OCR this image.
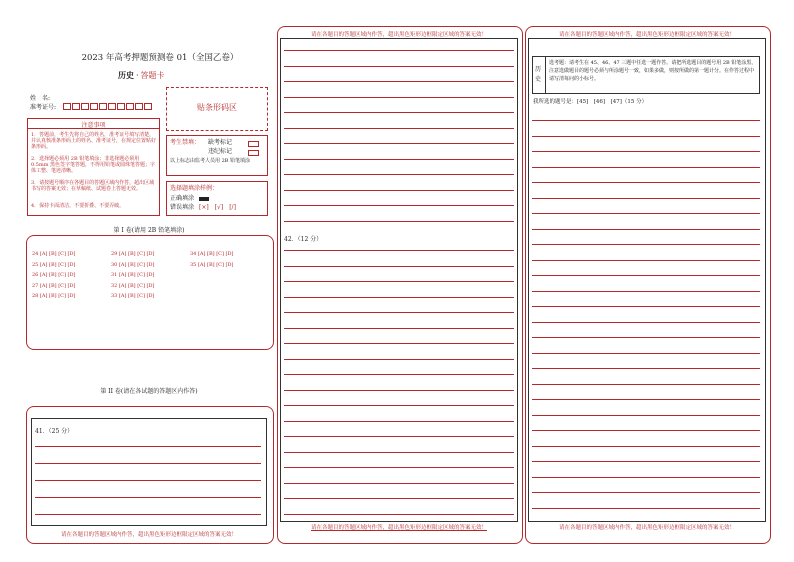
2023 年高考押题预测卷 01（全国乙卷）
历史 · 答题卡
姓　名:
准考证号:	贴条形码区
注意事项
1．答题前，考生先将自己的姓名，准考证号填写清楚，并认真核准条形码上的姓名、准考证号，在规定位置贴好条形码。
2．选择题必须用 2B 铅笔填涂；非选择题必须用 0.5mm 黑色签字笔答题，不得用铅笔或圆珠笔答题；字体工整、笔迹清晰。
3．请按题号顺序在各题目的答题区域内作答，超出区域书写的答案无效；在草稿纸、试题卷上答题无效。
4．保持卡面清洁，不要折叠、不要弄破。
考生禁填： 缺考标记
违纪标记
以上标志由监考人员用 2B 铅笔填涂
选择题填涂样例：
正确填涂
错误填涂 [×]　[√]　[/]
第 I 卷(请用 2B 铅笔填涂)
24 [A] [B] [C] [D]
25 [A] [B] [C] [D]
26 [A] [B] [C] [D]
27 [A] [B] [C] [D]
28 [A] [B] [C] [D]
29 [A] [B] [C] [D]
30 [A] [B] [C] [D]
31 [A] [B] [C] [D]
32 [A] [B] [C] [D]
33 [A] [B] [C] [D]
34 [A] [B] [C] [D]
35 [A] [B] [C] [D]
第 II 卷(请在各试题的答题区内作答)
41．（25 分）
请在各题目的答题区域内作答，超出黑色矩形边框限定区域的答案无效！
请在各题目的答题区域内作答，超出黑色矩形边框限定区域的答案无效！
42．（12 分）
请在各题目的答题区域内作答，超出黑色矩形边框限定区域的答案无效！
请在各题目的答题区域内作答，超出黑色矩形边框限定区域的答案无效！
历
史
选考题：请考生在 45、46、47 三题中任选一题作答。请把所选题目的题号用 2B 铅笔涂黑，注意选做题目的题号必须与所涂题号一致，如果多做，则按所做的第一题计分。在作答过程中请写清每问的小标号。
我所选的题号是：[45]　[46]　[47]（15 分）
请在各题目的答题区域内作答，超出黑色矩形边框限定区域的答案无效！
